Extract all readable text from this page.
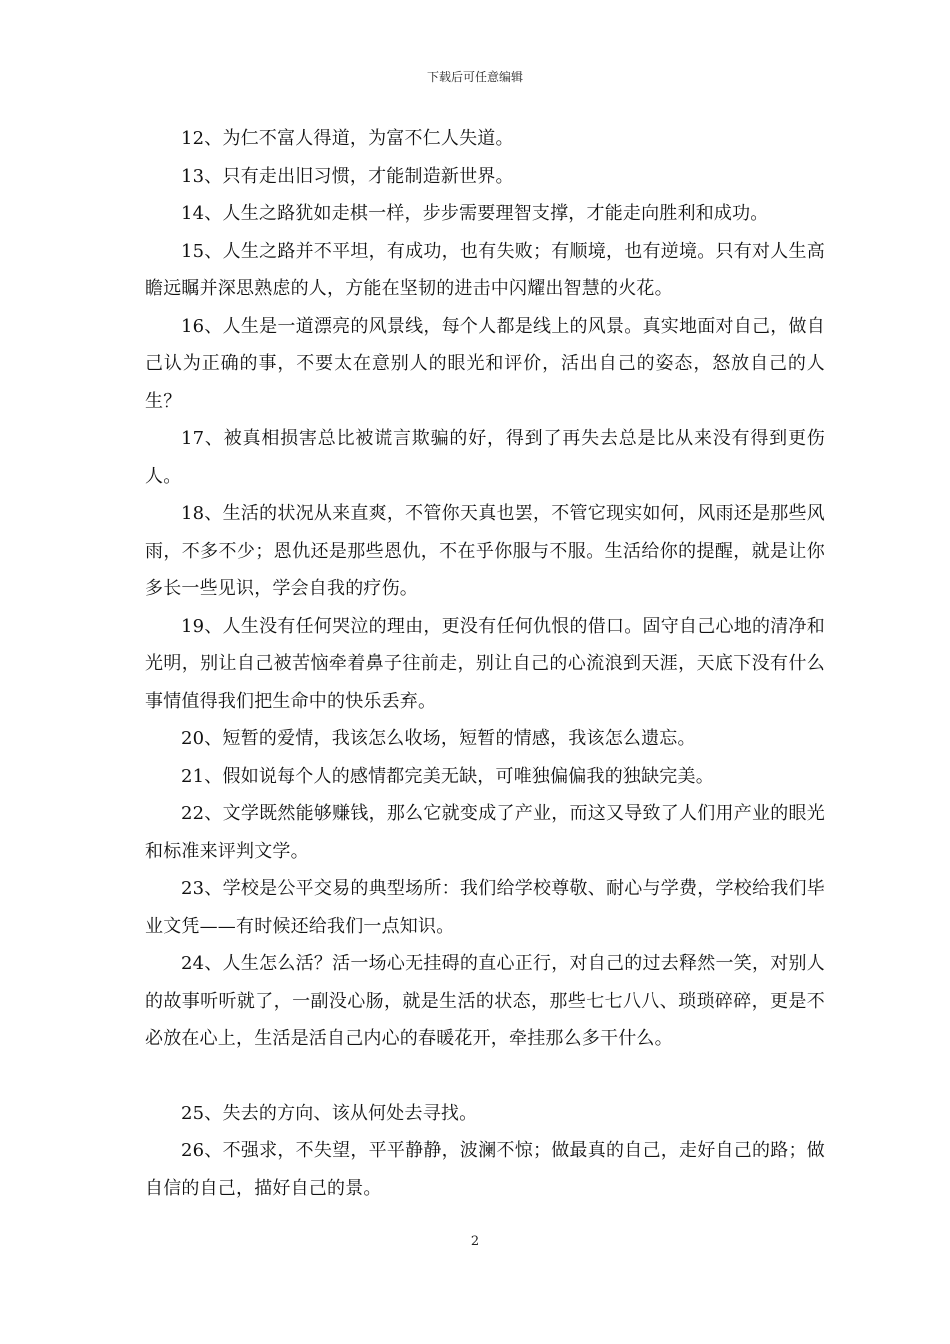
下载后可任意编辑

12、为仁不富人得道，为富不仁人失道。

13、只有走出旧习惯，才能制造新世界。

14、人生之路犹如走棋一样，步步需要理智支撑，才能走向胜利和成功。

15、人生之路并不平坦，有成功，也有失败；有顺境，也有逆境。只有对人生高瞻远瞩并深思熟虑的人，方能在坚韧的进击中闪耀出智慧的火花。

16、人生是一道漂亮的风景线，每个人都是线上的风景。真实地面对自己，做自己认为正确的事，不要太在意别人的眼光和评价，活出自己的姿态，怒放自己的人生？

17、被真相损害总比被谎言欺骗的好，得到了再失去总是比从来没有得到更伤人。

18、生活的状况从来直爽，不管你天真也罢，不管它现实如何，风雨还是那些风雨，不多不少；恩仇还是那些恩仇，不在乎你服与不服。生活给你的提醒，就是让你多长一些见识，学会自我的疗伤。

19、人生没有任何哭泣的理由，更没有任何仇恨的借口。固守自己心地的清净和光明，别让自己被苦恼牵着鼻子往前走，别让自己的心流浪到天涯，天底下没有什么事情值得我们把生命中的快乐丢弃。

20、短暂的爱情，我该怎么收场，短暂的情感，我该怎么遗忘。

21、假如说每个人的感情都完美无缺，可唯独偏偏我的独缺完美。

22、文学既然能够赚钱，那么它就变成了产业，而这又导致了人们用产业的眼光和标准来评判文学。

23、学校是公平交易的典型场所：我们给学校尊敬、耐心与学费，学校给我们毕业文凭——有时候还给我们一点知识。

24、人生怎么活？活一场心无挂碍的直心正行，对自己的过去释然一笑，对别人的故事听听就了，一副没心肠，就是生活的状态，那些七七八八、琐琐碎碎，更是不必放在心上，生活是活自己内心的春暖花开，牵挂那么多干什么。

25、失去的方向、该从何处去寻找。

26、不强求，不失望，平平静静，波澜不惊；做最真的自己，走好自己的路；做自信的自己，描好自己的景。

2
